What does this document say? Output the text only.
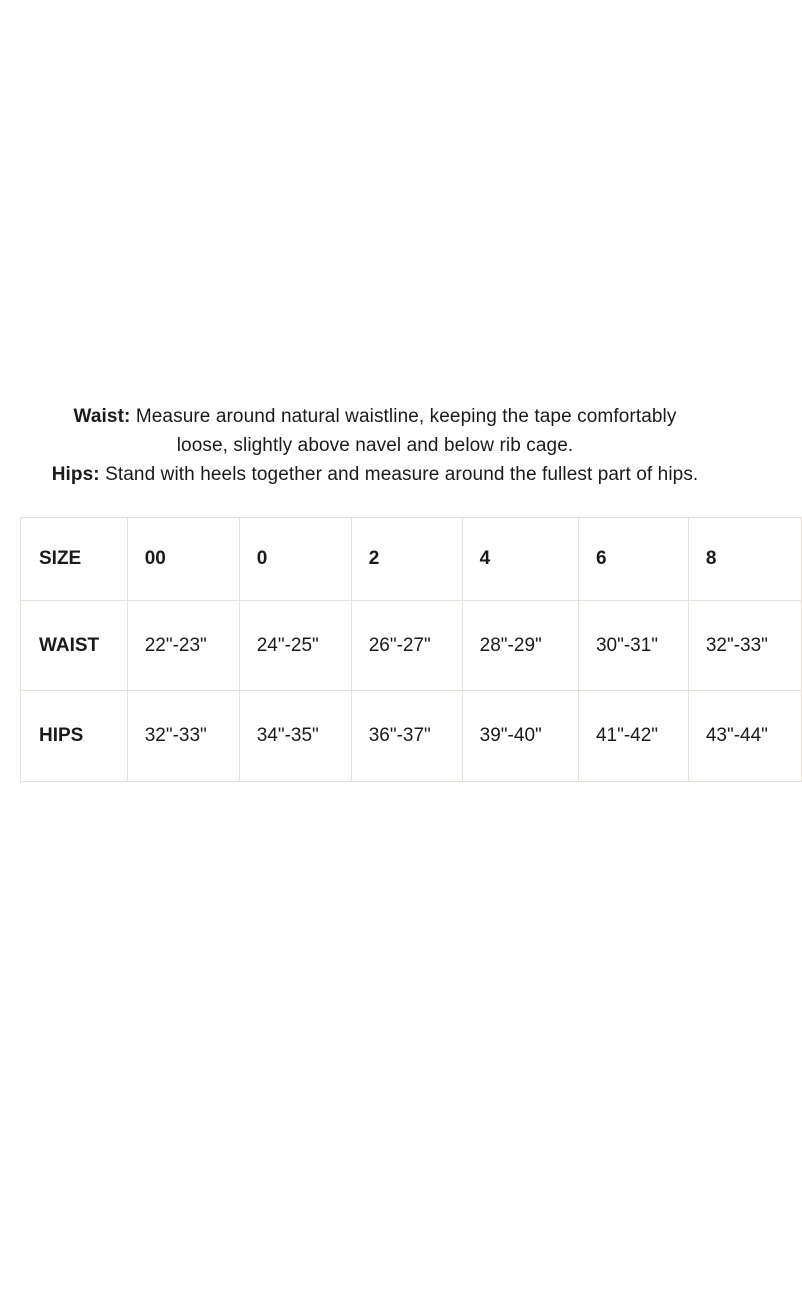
Waist: Measure around natural waistline, keeping the tape comfortably
loose, slightly above navel and below rib cage.
Hips: Stand with heels together and measure around the fullest part of hips.
SIZE	00	0	2	4	6	8
WAIST	22"-23"	24"-25"	26"-27"	28"-29"	30"-31"	32"-33"
HIPS	32"-33"	34"-35"	36"-37"	39"-40"	41"-42"	43"-44"
